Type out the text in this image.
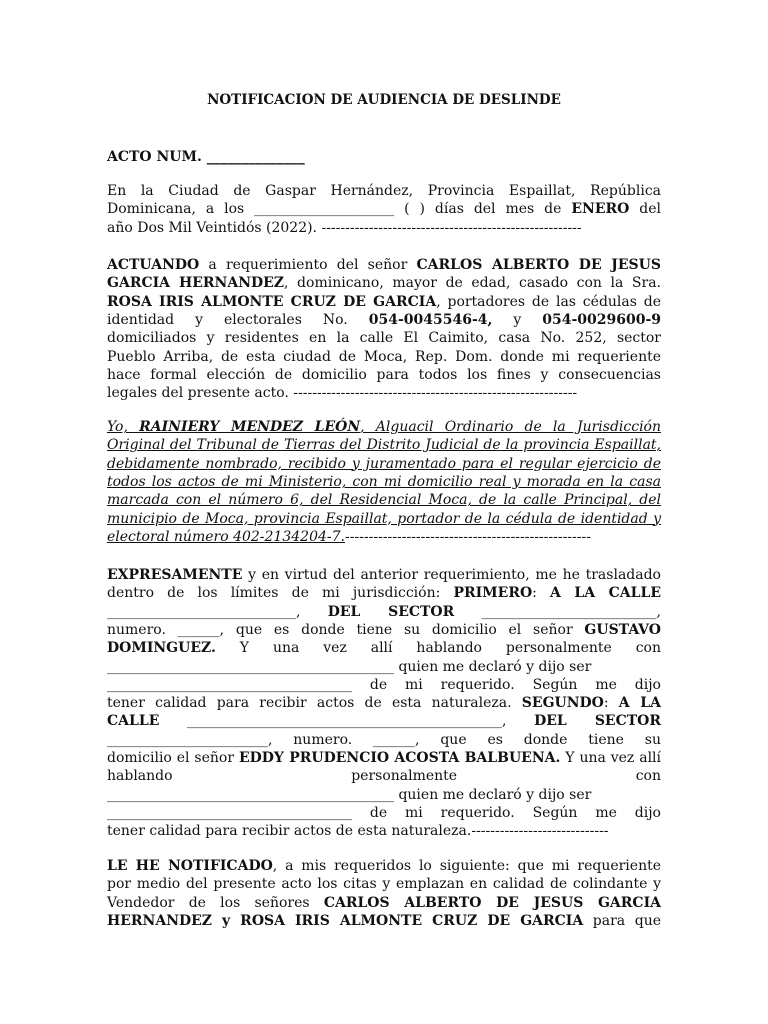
NOTIFICACION DE AUDIENCIA DE DESLINDE
ACTO NUM. ______________
En la Ciudad de Gaspar Hernández, Provincia Espaillat, República
Dominicana, a los ____________________ ( ) días del mes de ENERO del
año Dos Mil Veintidós (2022). -------------------------------------------------------
ACTUANDO a requerimiento del señor CARLOS ALBERTO DE JESUS
GARCIA HERNANDEZ, dominicano, mayor de edad, casado con la Sra.
ROSA IRIS ALMONTE CRUZ DE GARCIA, portadores de las cédulas de
identidad y electorales No. 054-0045546-4, y 054-0029600-9
domiciliados y residentes en la calle El Caimito, casa No. 252, sector
Pueblo Arriba, de esta ciudad de Moca, Rep. Dom. donde mi requeriente
hace formal elección de domicilio para todos los fines y consecuencias
legales del presente acto. ------------------------------------------------------------
Yo, RAINIERY MENDEZ LEÓN, Alguacil Ordinario de la Jurisdicción
Original del Tribunal de Tierras del Distrito Judicial de la provincia Espaillat,
debidamente nombrado, recibido y juramentado para el regular ejercicio de
todos los actos de mi Ministerio, con mi domicilio real y morada en la casa
marcada con el número 6, del Residencial Moca, de la calle Principal, del
municipio de Moca, provincia Espaillat, portador de la cédula de identidad y
electoral número 402-2134204-7.----------------------------------------------------
EXPRESAMENTE y en virtud del anterior requerimiento, me he trasladado
dentro de los límites de mi jurisdicción: PRIMERO: A LA CALLE
___________________________, DEL SECTOR _________________________,
numero. ______, que es donde tiene su domicilio el señor GUSTAVO
DOMINGUEZ. Y una vez allí hablando personalmente con
_________________________________________ quien me declaró y dijo ser
___________________________________ de mi requerido. Según me dijo
tener calidad para recibir actos de esta naturaleza. SEGUNDO: A LA
CALLE _____________________________________________, DEL SECTOR
_______________________, numero. ______, que es donde tiene su
domicilio el señor EDDY PRUDENCIO ACOSTA BALBUENA. Y una vez allí
hablando personalmente con
_________________________________________ quien me declaró y dijo ser
___________________________________ de mi requerido. Según me dijo
tener calidad para recibir actos de esta naturaleza.-----------------------------
LE HE NOTIFICADO, a mis requeridos lo siguiente: que mi requeriente
por medio del presente acto los citas y emplazan en calidad de colindante y
Vendedor de los señores CARLOS ALBERTO DE JESUS GARCIA
HERNANDEZ y ROSA IRIS ALMONTE CRUZ DE GARCIA para que
